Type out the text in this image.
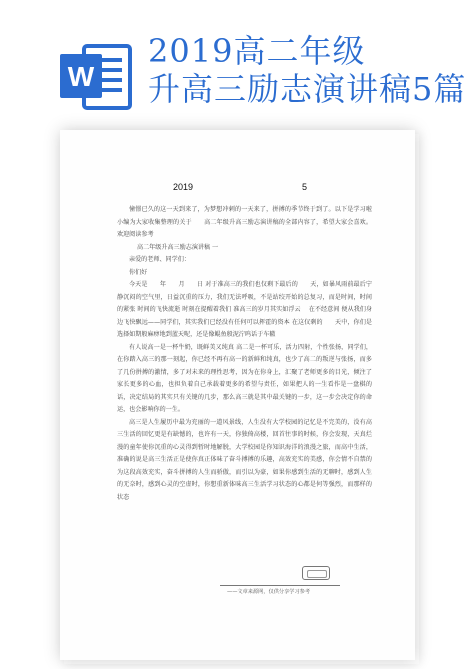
W
2019高二年级
升高三励志演讲稿5篇
2019	5

憧憬已久的这一天到来了，为梦想冲刺的一天来了，拼搏的季节终于到了。以下是学习啦小编为大家收集整理的关于　　高二年级升高三励志演讲稿的全部内容了，希望大家会喜欢。欢迎阅读参考

高二年级升高三励志演讲稿 一

亲爱的老师、同学们：

你们好

今天是　　年　　月　　日 对于准高三的我们也仅剩下最后的　　天，如暴风雨前最后宁静沉闷的空气里，日益沉重的压力，我们无法呼吸，不是站绞开始的总复习，而是时间，时间的紧张 时间的飞快流逝 时刻在提醒着我们 准高三的岁月其实如浮云　 在不经意间 便从我们身边飞快飘远——同学们，其实我们已经没有任何可以挥霍的资本 在这仅剩的　　天中，你们是选择如期般麻痹地到蓝天呢，还是像鲲鱼般泥泞呜话于车辙

有人说高一是一杯牛奶，既鲜美又纯真 高二是一杯可乐，活力四射，个性张扬，同学们，在你踏入高三的那一刻起，你已经不再有高一的新鲜和纯真，也少了高二的叛逆与张扬，而多了几份拼搏的激情，多了对未来的理性思考，因为在你身上，汇聚了老师更多的目光，倾注了家长更多的心血，也担负着自己承载着更多的希望与责任，如果把人的一生看作是一盘棋的话，决定结局的其实只有关键的几步，那么高三就是其中最关键的一步，这一步会决定你的命运，也会影响你的一生。

高三是人生履历中最为充丽的一道风景线，人生没有大学校园的记忆是不完美的，没有高三生活的回忆更是有缺憾的，也许有一天，你独倚高楼，回首往事的时候，你会发现，天真烂漫的童年使你沉重的心灵得到暂时地解脱，大学校园是你知识海洋的浪漫之旅，而高中生活，准确的说是高三生活正是使你真正体味了奋斗搏搏的乐趣，高效充实的美感，你会情不自禁的为这段高效充实，奋斗拼搏的人生而骄傲，而引以为豪，如果你感到生活的无聊时，感到人生的无奈时，感到心灵的空虚时，你想重新体味高三生活学习状态的心都是何等强烈，而那样的状态

——文章来源网，仅供分享学习参考
